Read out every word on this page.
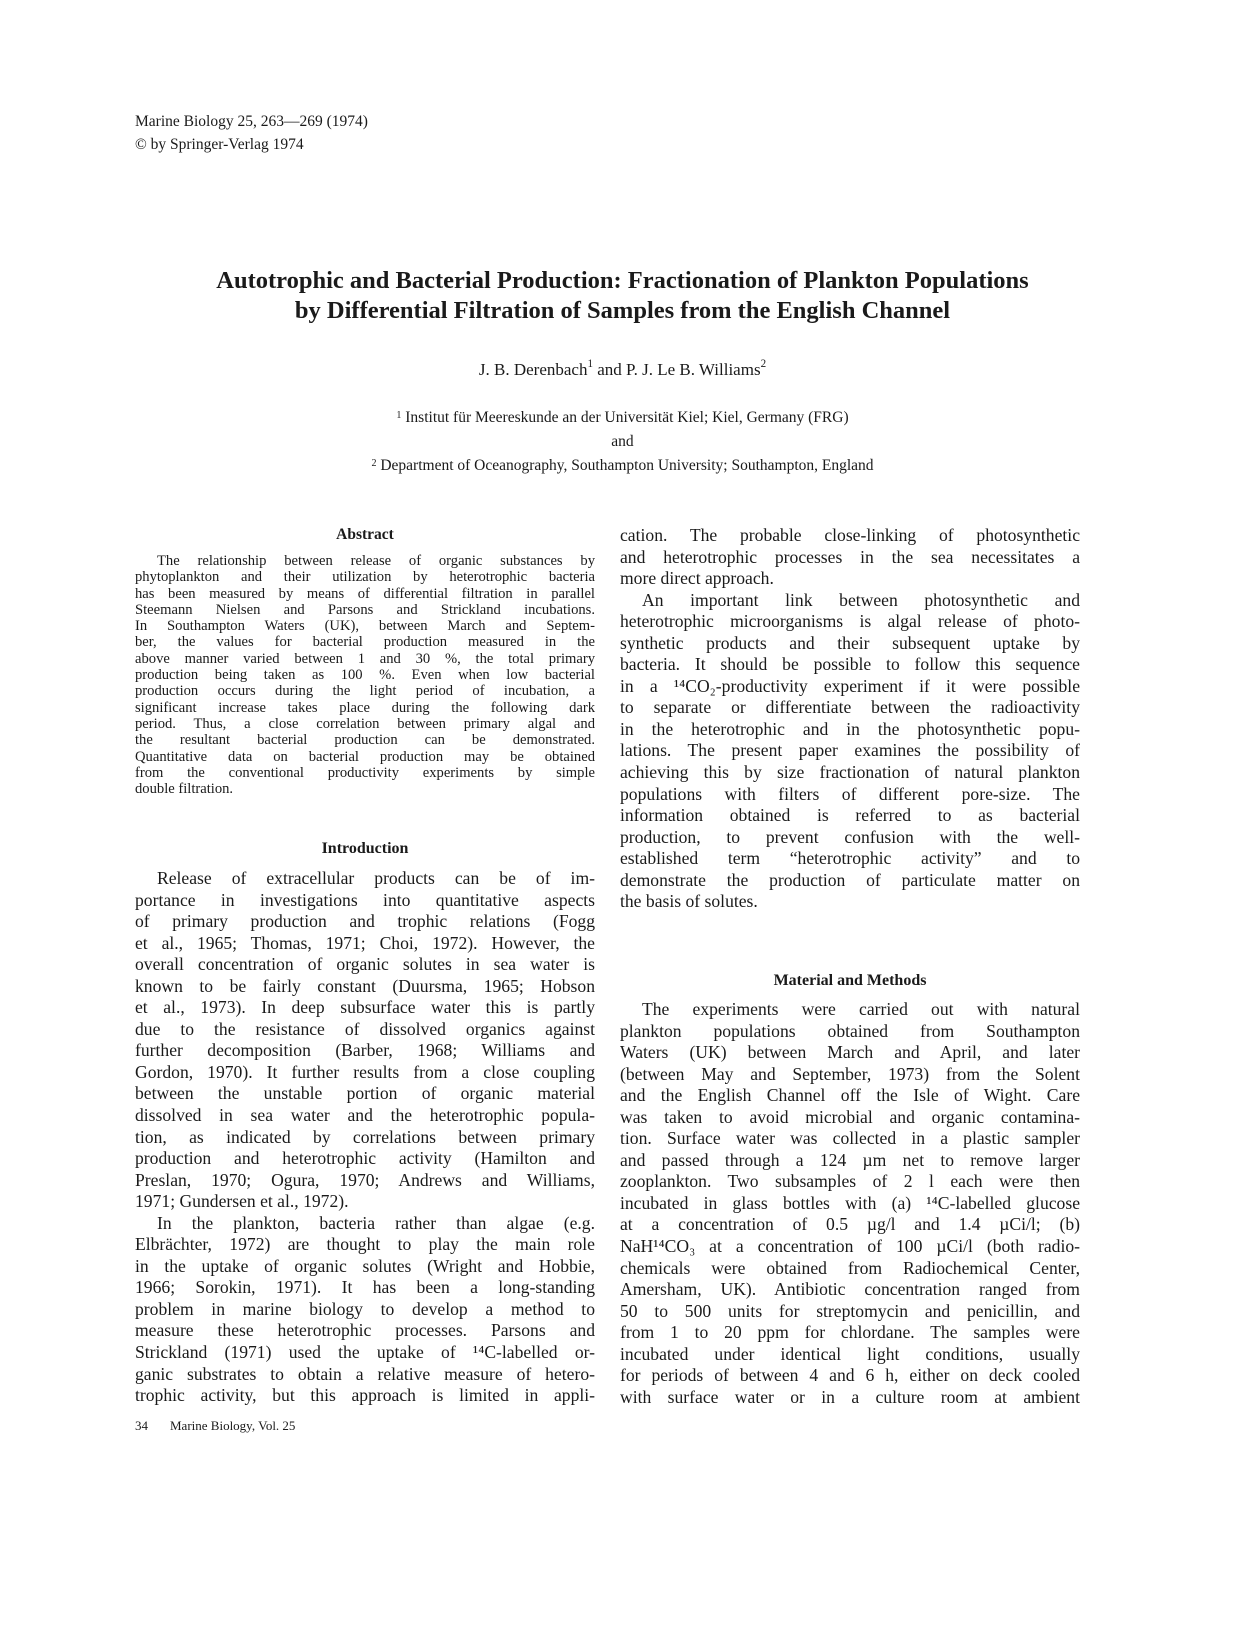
Marine Biology 25, 263—269 (1974)
© by Springer-Verlag 1974
Autotrophic and Bacterial Production: Fractionation of Plankton Populations
by Differential Filtration of Samples from the English Channel
J. B. Derenbach$^1$ and P. J. Le B. Williams$^2$
$^1$ Institut für Meereskunde an der Universität Kiel; Kiel, Germany (FRG)
and
$^2$ Department of Oceanography, Southampton University; Southampton, England
Abstract
The relationship between release of organic substances by
phytoplankton and their utilization by heterotrophic bacteria
has been measured by means of differential filtration in parallel
Steemann Nielsen and Parsons and Strickland incubations.
In Southampton Waters (UK), between March and Septem-
ber, the values for bacterial production measured in the
above manner varied between 1 and 30 %, the total primary
production being taken as 100 %. Even when low bacterial
production occurs during the light period of incubation, a
significant increase takes place during the following dark
period. Thus, a close correlation between primary algal and
the resultant bacterial production can be demonstrated.
Quantitative data on bacterial production may be obtained
from the conventional productivity experiments by simple
double filtration.
Introduction
Release of extracellular products can be of im-
portance in investigations into quantitative aspects
of primary production and trophic relations (Fogg
et al., 1965; Thomas, 1971; Choi, 1972). However, the
overall concentration of organic solutes in sea water is
known to be fairly constant (Duursma, 1965; Hobson
et al., 1973). In deep subsurface water this is partly
due to the resistance of dissolved organics against
further decomposition (Barber, 1968; Williams and
Gordon, 1970). It further results from a close coupling
between the unstable portion of organic material
dissolved in sea water and the heterotrophic popula-
tion, as indicated by correlations between primary
production and heterotrophic activity (Hamilton and
Preslan, 1970; Ogura, 1970; Andrews and Williams,
1971; Gundersen et al., 1972).
In the plankton, bacteria rather than algae (e.g.
Elbrächter, 1972) are thought to play the main role
in the uptake of organic solutes (Wright and Hobbie,
1966; Sorokin, 1971). It has been a long-standing
problem in marine biology to develop a method to
measure these heterotrophic processes. Parsons and
Strickland (1971) used the uptake of ¹⁴C-labelled or-
ganic substrates to obtain a relative measure of hetero-
trophic activity, but this approach is limited in appli-
cation. The probable close-linking of photosynthetic
and heterotrophic processes in the sea necessitates a
more direct approach.
An important link between photosynthetic and
heterotrophic microorganisms is algal release of photo-
synthetic products and their subsequent uptake by
bacteria. It should be possible to follow this sequence
in a ¹⁴CO₂-productivity experiment if it were possible
to separate or differentiate between the radioactivity
in the heterotrophic and in the photosynthetic popu-
lations. The present paper examines the possibility of
achieving this by size fractionation of natural plankton
populations with filters of different pore-size. The
information obtained is referred to as bacterial
production, to prevent confusion with the well-
established term “heterotrophic activity” and to
demonstrate the production of particulate matter on
the basis of solutes.
Material and Methods
The experiments were carried out with natural
plankton populations obtained from Southampton
Waters (UK) between March and April, and later
(between May and September, 1973) from the Solent
and the English Channel off the Isle of Wight. Care
was taken to avoid microbial and organic contamina-
tion. Surface water was collected in a plastic sampler
and passed through a 124 µm net to remove larger
zooplankton. Two subsamples of 2 l each were then
incubated in glass bottles with (a) ¹⁴C-labelled glucose
at a concentration of 0.5 µg/l and 1.4 µCi/l; (b)
NaH¹⁴CO₃ at a concentration of 100 µCi/l (both radio-
chemicals were obtained from Radiochemical Center,
Amersham, UK). Antibiotic concentration ranged from
50 to 500 units for streptomycin and penicillin, and
from 1 to 20 ppm for chlordane. The samples were
incubated under identical light conditions, usually
for periods of between 4 and 6 h, either on deck cooled
with surface water or in a culture room at ambient
34 Marine Biology, Vol. 25
